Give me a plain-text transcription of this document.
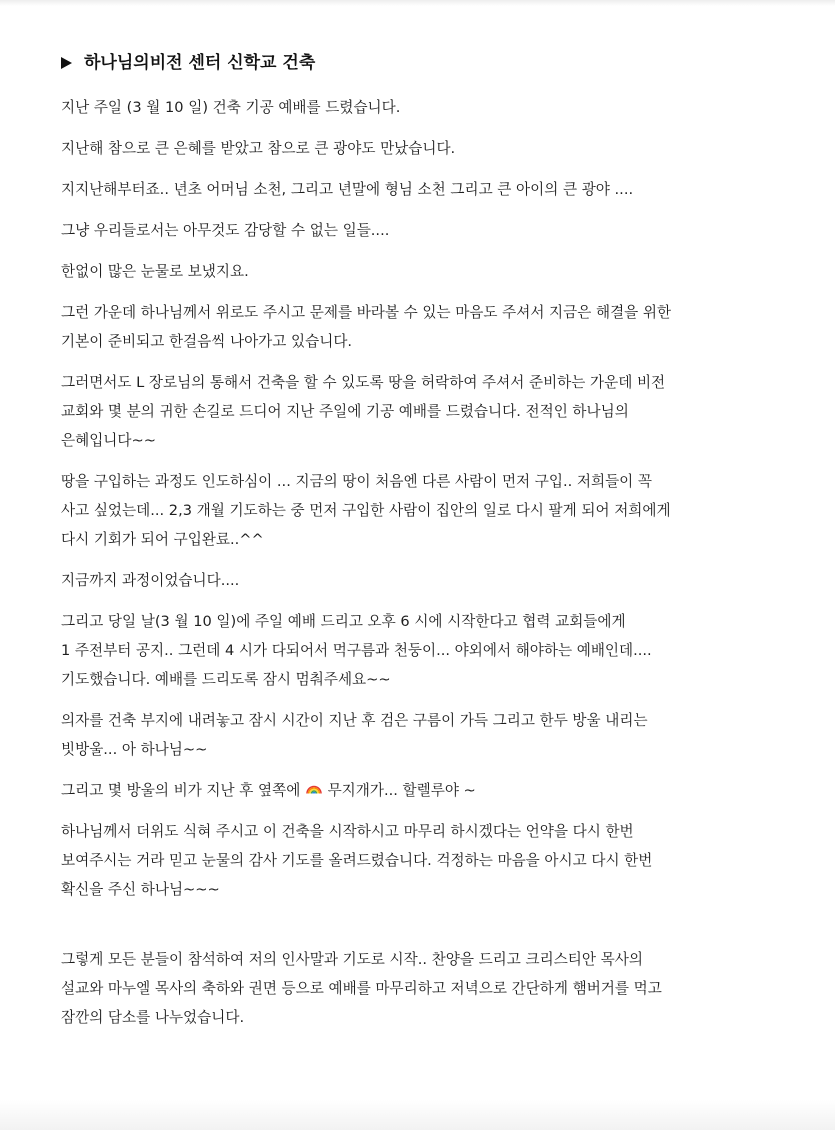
하나님의비전 센터 신학교 건축
지난 주일 (3 월 10 일) 건축 기공 예배를 드렸습니다.
지난해 참으로 큰 은혜를 받았고 참으로 큰 광야도 만났습니다.
지지난해부터죠.. 년초 어머님 소천, 그리고 년말에 형님 소천 그리고 큰 아이의 큰 광야 ....
그냥 우리들로서는 아무것도 감당할 수 없는 일들....
한없이 많은 눈물로 보냈지요.
그런 가운데 하나님께서 위로도 주시고 문제를 바라볼 수 있는 마음도 주셔서 지금은 해결을 위한
기본이 준비되고 한걸음씩 나아가고 있습니다.
그러면서도 L 장로님의 통해서 건축을 할 수 있도록 땅을 허락하여 주셔서 준비하는 가운데 비전
교회와 몇 분의 귀한 손길로 드디어 지난 주일에 기공 예배를 드렸습니다. 전적인 하나님의
은혜입니다~~
땅을 구입하는 과정도 인도하심이 ... 지금의 땅이 처음엔 다른 사람이 먼저 구입.. 저희들이 꼭
사고 싶었는데... 2,3 개월 기도하는 중 먼저 구입한 사람이 집안의 일로 다시 팔게 되어 저희에게
다시 기회가 되어 구입완료..^^
지금까지 과정이었습니다....
그리고 당일 날(3 월 10 일)에 주일 예배 드리고 오후 6 시에 시작한다고 협력 교회들에게
1 주전부터 공지.. 그런데 4 시가 다되어서 먹구름과 천둥이... 야외에서 해야하는 예배인데....
기도했습니다. 예배를 드리도록 잠시 멈춰주세요~~
의자를 건축 부지에 내려놓고 잠시 시간이 지난 후 검은 구름이 가득 그리고 한두 방울 내리는
빗방울... 아 하나님~~
그리고 몇 방울의 비가 지난 후 옆쪽에  무지개가... 할렐루야 ~
하나님께서 더위도 식혀 주시고 이 건축을 시작하시고 마무리 하시겠다는 언약을 다시 한번
보여주시는 거라 믿고 눈물의 감사 기도를 올려드렸습니다. 걱정하는 마음을 아시고 다시 한번
확신을 주신 하나님~~~
그렇게 모든 분들이 참석하여 저의 인사말과 기도로 시작.. 찬양을 드리고 크리스티안 목사의
설교와 마누엘 목사의 축하와 권면 등으로 예배를 마무리하고 저녁으로 간단하게 햄버거를 먹고
잠깐의 담소를 나누었습니다.
